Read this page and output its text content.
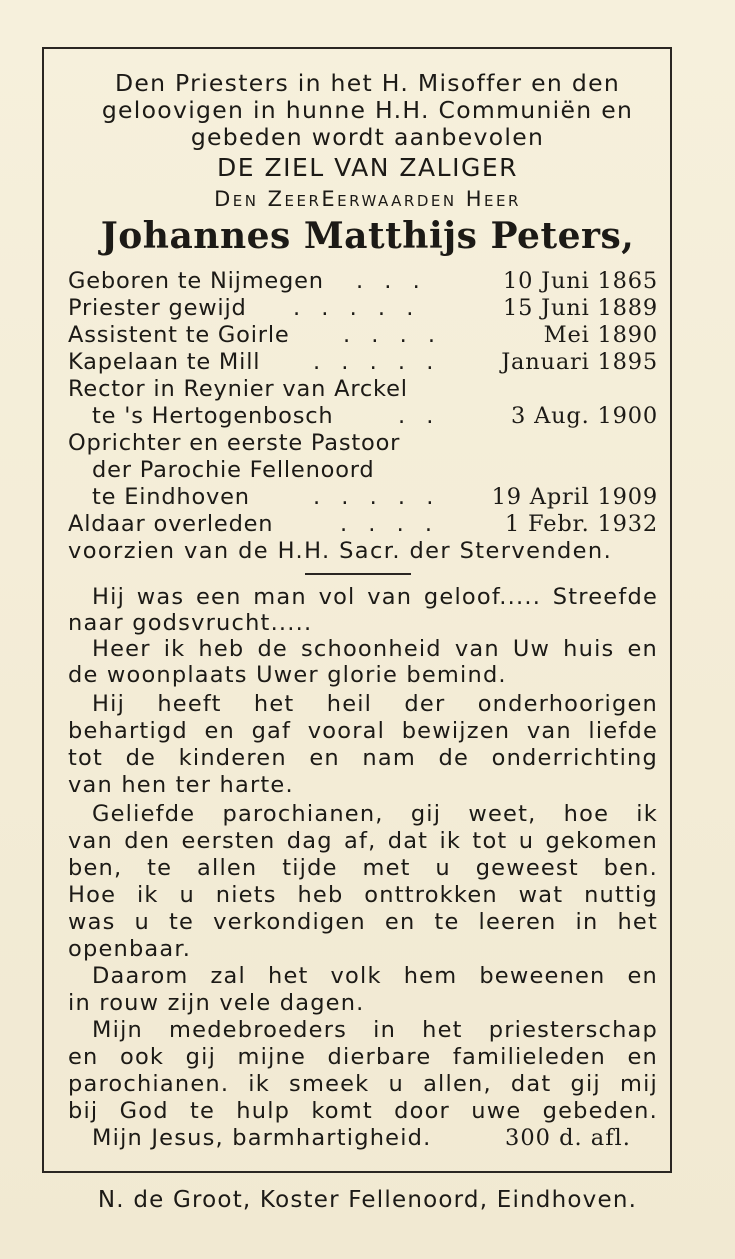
Den Priesters in het H. Misoffer en den
geloovigen in hunne H.H. Communiën en
gebeden wordt aanbevolen
DE ZIEL VAN ZALIGER
Den ZeerEerwaarden Heer
Johannes Matthijs Peters,
Geboren te Nijmegen . . .	10 Juni 1865
Priester gewijd . . . . .	15 Juni 1889
Assistent te Goirle . . . .	Mei 1890
Kapelaan te Mill . . . . .	Januari 1895
Rector in Reynier van Arckel
te 's Hertogenbosch	. .	3 Aug. 1900
Oprichter en eerste Pastoor
der Parochie Fellenoord
te Eindhoven	. . . . . 19 April 1909
Aldaar overleden	. . . .	1 Febr. 1932
voorzien van de H.H. Sacr. der Stervenden.
Hij was een man vol van geloof..... Streefde
naar godsvrucht.....
Heer ik heb de schoonheid van Uw huis en
de woonplaats Uwer glorie bemind.
Hij heeft het heil der onderhoorigen
behartigd en gaf vooral bewijzen van liefde
tot de kinderen en nam de onderrichting
van hen ter harte.
Geliefde parochianen, gij weet, hoe ik
van den eersten dag af, dat ik tot u gekomen
ben, te allen tijde met u geweest ben.
Hoe ik u niets heb onttrokken wat nuttig
was u te verkondigen en te leeren in het
openbaar.
Daarom zal het volk hem beweenen en
in rouw zijn vele dagen.
Mijn medebroeders in het priesterschap
en ook gij mijne dierbare familieleden en
parochianen. ik smeek u allen, dat gij mij
bij God te hulp komt door uwe gebeden.
Mijn Jesus, barmhartigheid.	300 d. afl.
N. de Groot, Koster Fellenoord, Eindhoven.
